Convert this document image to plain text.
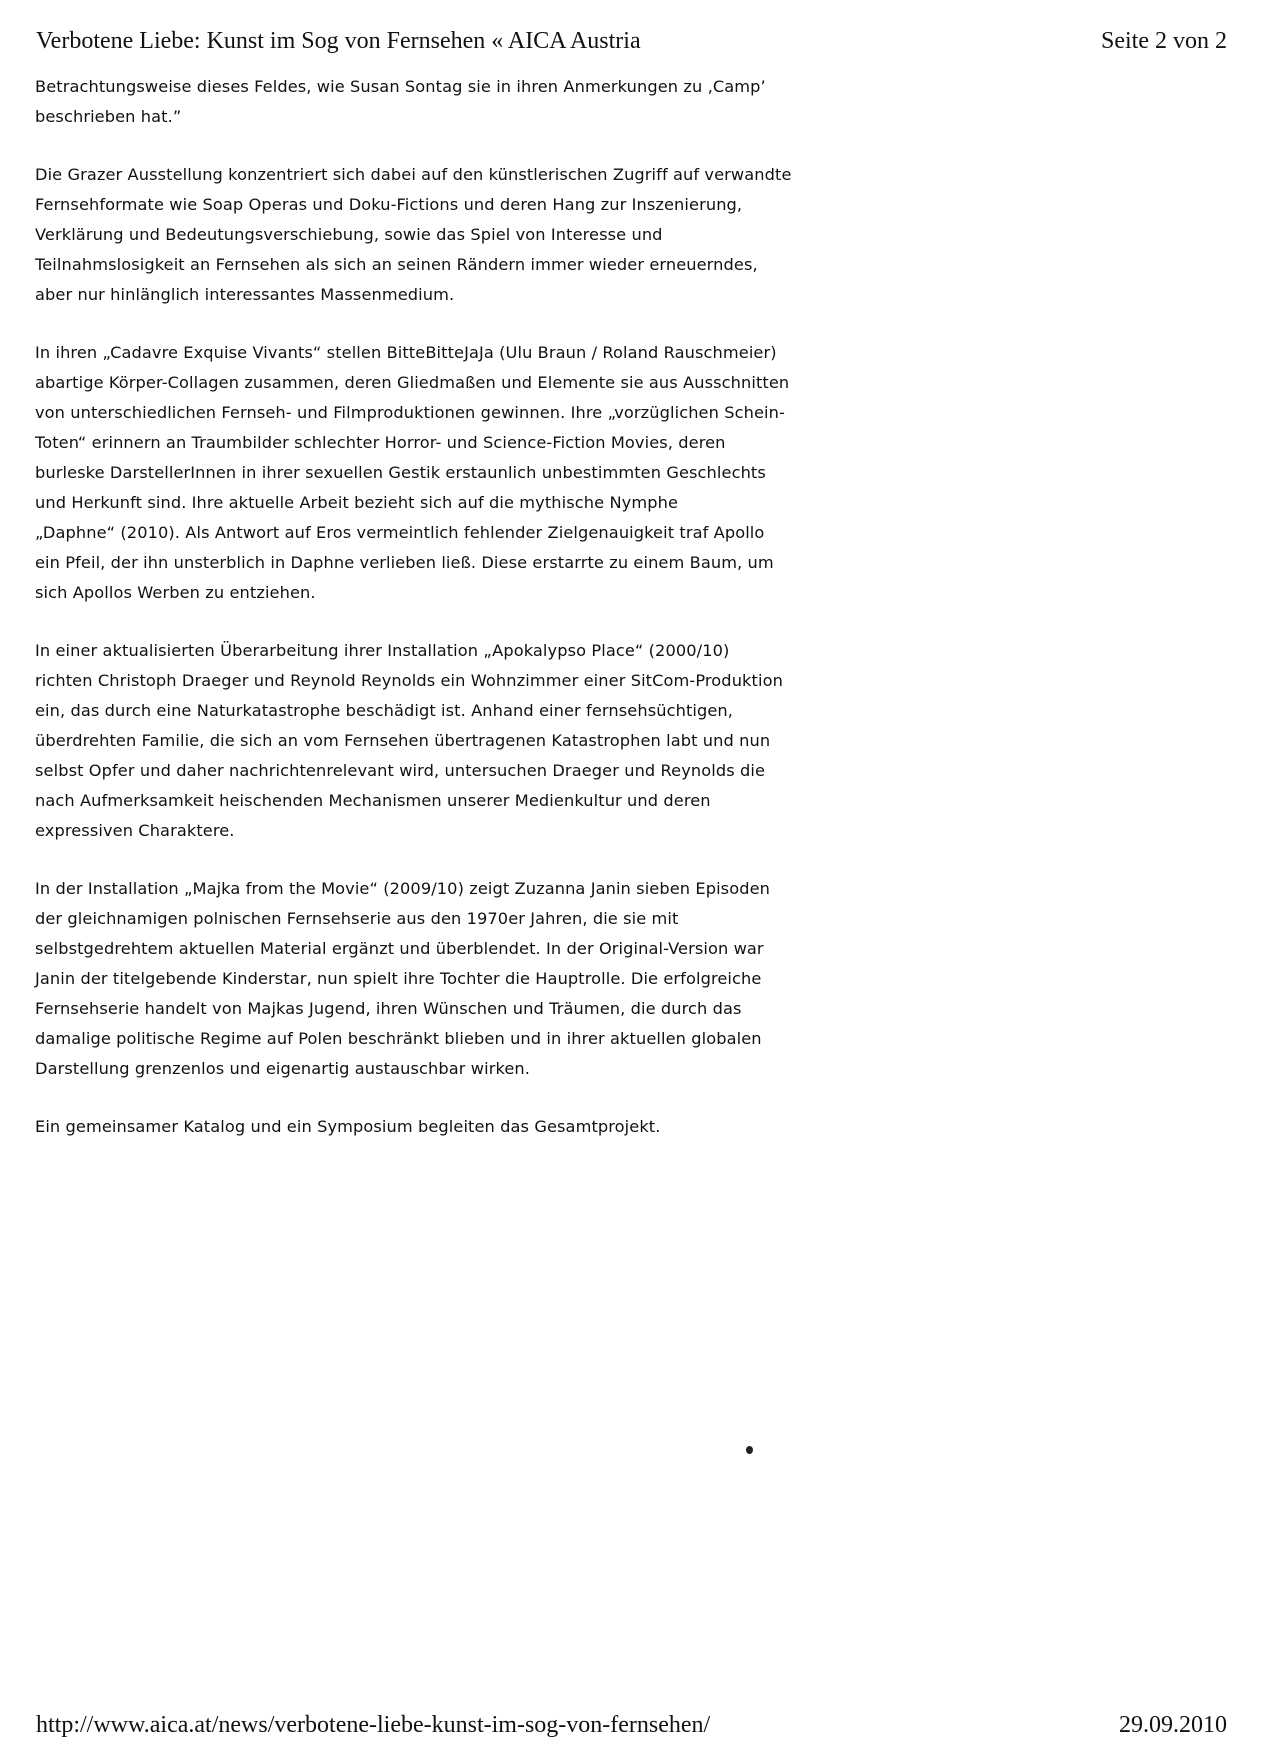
Verbotene Liebe: Kunst im Sog von Fernsehen « AICA Austria	Seite 2 von 2

Betrachtungsweise dieses Feldes, wie Susan Sontag sie in ihren Anmerkungen zu ‚Camp’
beschrieben hat.”

Die Grazer Ausstellung konzentriert sich dabei auf den künstlerischen Zugriff auf verwandte
Fernsehformate wie Soap Operas und Doku-Fictions und deren Hang zur Inszenierung,
Verklärung und Bedeutungsverschiebung, sowie das Spiel von Interesse und
Teilnahmslosigkeit an Fernsehen als sich an seinen Rändern immer wieder erneuerndes,
aber nur hinlänglich interessantes Massenmedium.

In ihren „Cadavre Exquise Vivants“ stellen BitteBitteJaJa (Ulu Braun / Roland Rauschmeier)
abartige Körper-Collagen zusammen, deren Gliedmaßen und Elemente sie aus Ausschnitten
von unterschiedlichen Fernseh- und Filmproduktionen gewinnen. Ihre „vorzüglichen Schein-
Toten“ erinnern an Traumbilder schlechter Horror- und Science-Fiction Movies, deren
burleske DarstellerInnen in ihrer sexuellen Gestik erstaunlich unbestimmten Geschlechts
und Herkunft sind. Ihre aktuelle Arbeit bezieht sich auf die mythische Nymphe
„Daphne“ (2010). Als Antwort auf Eros vermeintlich fehlender Zielgenauigkeit traf Apollo
ein Pfeil, der ihn unsterblich in Daphne verlieben ließ. Diese erstarrte zu einem Baum, um
sich Apollos Werben zu entziehen.

In einer aktualisierten Überarbeitung ihrer Installation „Apokalypso Place“ (2000/10)
richten Christoph Draeger und Reynold Reynolds ein Wohnzimmer einer SitCom-Produktion
ein, das durch eine Naturkatastrophe beschädigt ist. Anhand einer fernsehsüchtigen,
überdrehten Familie, die sich an vom Fernsehen übertragenen Katastrophen labt und nun
selbst Opfer und daher nachrichtenrelevant wird, untersuchen Draeger und Reynolds die
nach Aufmerksamkeit heischenden Mechanismen unserer Medienkultur und deren
expressiven Charaktere.

In der Installation „Majka from the Movie“ (2009/10) zeigt Zuzanna Janin sieben Episoden
der gleichnamigen polnischen Fernsehserie aus den 1970er Jahren, die sie mit
selbstgedrehtem aktuellen Material ergänzt und überblendet. In der Original-Version war
Janin der titelgebende Kinderstar, nun spielt ihre Tochter die Hauptrolle. Die erfolgreiche
Fernsehserie handelt von Majkas Jugend, ihren Wünschen und Träumen, die durch das
damalige politische Regime auf Polen beschränkt blieben und in ihrer aktuellen globalen
Darstellung grenzenlos und eigenartig austauschbar wirken.

Ein gemeinsamer Katalog und ein Symposium begleiten das Gesamtprojekt.

http://www.aica.at/news/verbotene-liebe-kunst-im-sog-von-fernsehen/	29.09.2010
